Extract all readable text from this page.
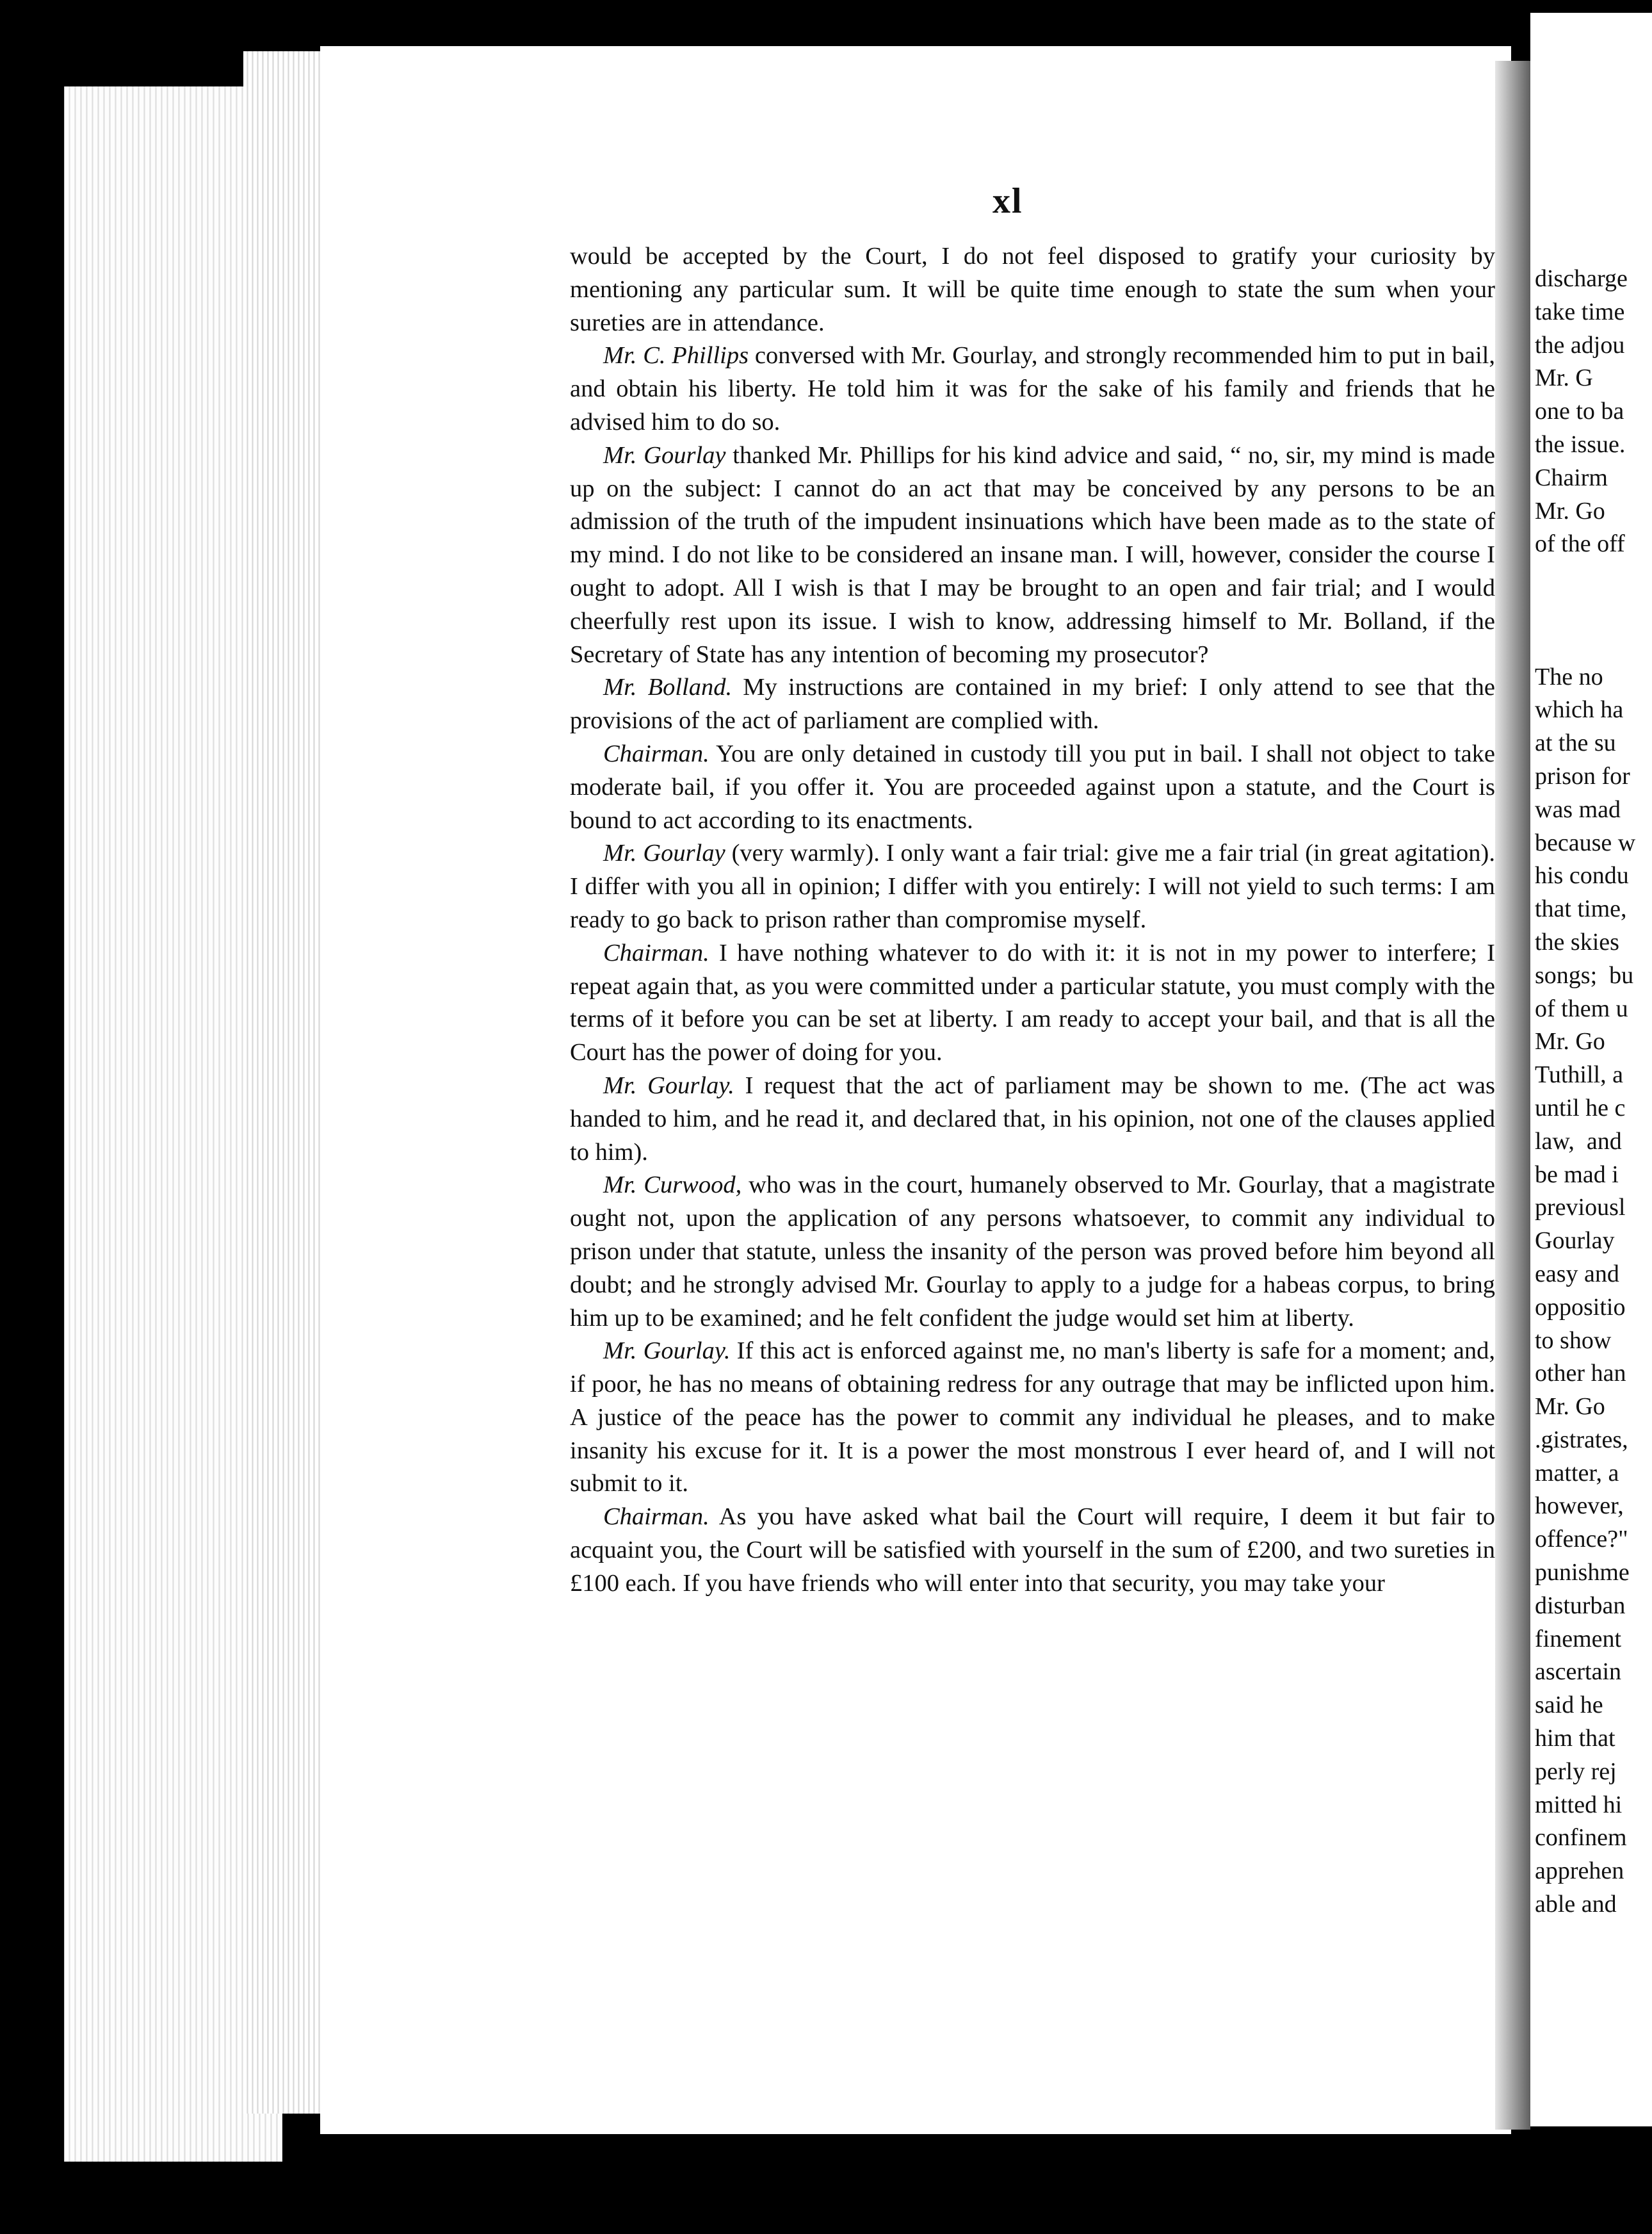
discharge
take time
the adjou
Mr. G
one to ba
the issue.
Chairm
Mr. Go
of the off

The no
which ha
at the su
prison for
was mad
because w
his condu
that time,
the skies
songs;  bu
of them u
Mr. Go
Tuthill, a
until he c
law,  and
be mad i
previousl
Gourlay
easy and
oppositio
to show
other han
Mr. Go
.gistrates,
matter, a
however,
offence?"
punishme
disturban
finement
ascertain
said he
him that
perly rej
mitted hi
confinem
apprehen
able and

xl

would be accepted by the Court, I do not feel disposed to gratify your curiosity by mentioning any particular sum. It will be quite time enough to state the sum when your sureties are in attendance.

Mr. C. Phillips conversed with Mr. Gourlay, and strongly recommended him to put in bail, and obtain his liberty. He told him it was for the sake of his family and friends that he advised him to do so.

Mr. Gourlay thanked Mr. Phillips for his kind advice and said, “ no, sir, my mind is made up on the subject: I cannot do an act that may be conceived by any persons to be an admission of the truth of the impudent insinuations which have been made as to the state of my mind. I do not like to be considered an insane man. I will, however, consider the course I ought to adopt. All I wish is that I may be brought to an open and fair trial; and I would cheerfully rest upon its issue. I wish to know, addressing himself to Mr. Bolland, if the Secretary of State has any intention of becoming my prosecutor?

Mr. Bolland. My instructions are contained in my brief: I only attend to see that the provisions of the act of parliament are complied with.

Chairman. You are only detained in custody till you put in bail. I shall not object to take moderate bail, if you offer it. You are proceeded against upon a statute, and the Court is bound to act according to its enactments.

Mr. Gourlay (very warmly). I only want a fair trial: give me a fair trial (in great agitation). I differ with you all in opinion; I differ with you entirely: I will not yield to such terms: I am ready to go back to prison rather than compromise myself.

Chairman. I have nothing whatever to do with it: it is not in my power to interfere; I repeat again that, as you were committed under a particular statute, you must comply with the terms of it before you can be set at liberty. I am ready to accept your bail, and that is all the Court has the power of doing for you.

Mr. Gourlay. I request that the act of parliament may be shown to me. (The act was handed to him, and he read it, and declared that, in his opinion, not one of the clauses applied to him).

Mr. Curwood, who was in the court, humanely observed to Mr. Gourlay, that a magistrate ought not, upon the application of any persons whatsoever, to commit any individual to prison under that statute, unless the insanity of the person was proved before him beyond all doubt; and he strongly advised Mr. Gourlay to apply to a judge for a habeas corpus, to bring him up to be examined; and he felt confident the judge would set him at liberty.

Mr. Gourlay. If this act is enforced against me, no man's liberty is safe for a moment; and, if poor, he has no means of obtaining redress for any outrage that may be inflicted upon him. A justice of the peace has the power to commit any individual he pleases, and to make insanity his excuse for it. It is a power the most monstrous I ever heard of, and I will not submit to it.

Chairman. As you have asked what bail the Court will require, I deem it but fair to acquaint you, the Court will be satisfied with yourself in the sum of £200, and two sureties in £100 each. If you have friends who will enter into that security, you may take your
